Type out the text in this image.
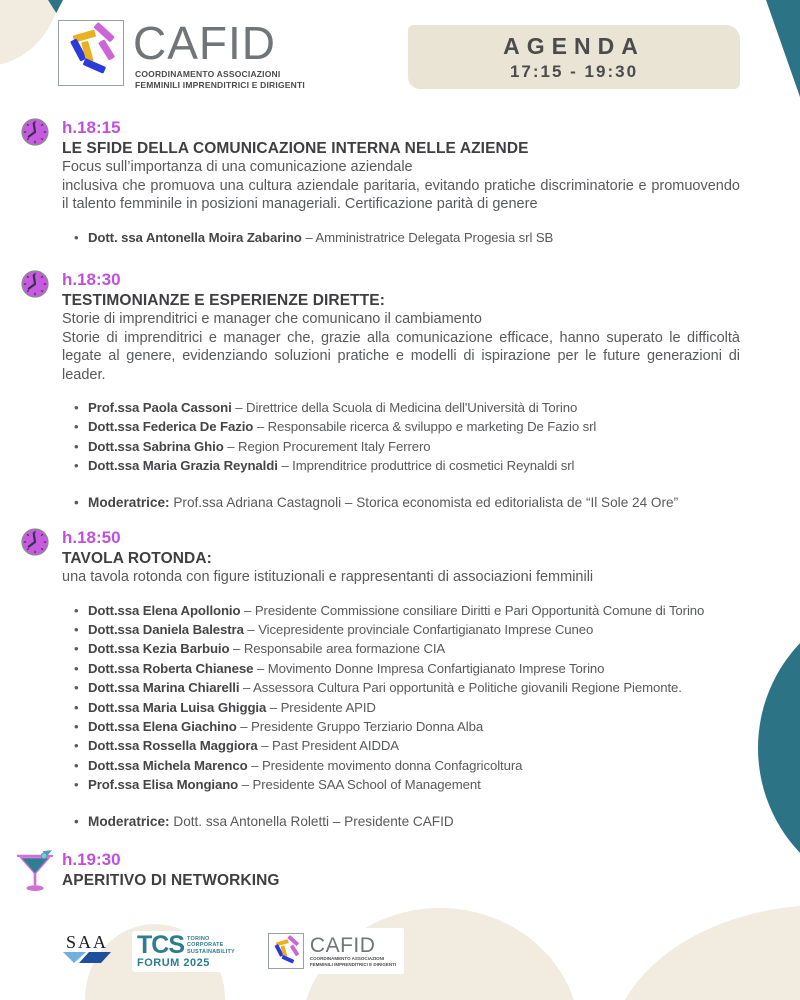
CAFID
COORDINAMENTO ASSOCIAZIONI
FEMMINILI IMPRENDITRICI E DIRIGENTI
AGENDA
17:15 - 19:30
h.18:15
LE SFIDE DELLA COMUNICAZIONE INTERNA NELLE AZIENDE
Focus sull’importanza di una comunicazione aziendale
inclusiva che promuova una cultura aziendale paritaria, evitando pratiche discriminatorie e promuovendo il talento femminile in posizioni manageriali. Certificazione parità di genere
• Dott. ssa Antonella Moira Zabarino – Amministratrice Delegata Progesia srl SB
h.18:30
TESTIMONIANZE E ESPERIENZE DIRETTE:
Storie di imprenditrici e manager che comunicano il cambiamento
Storie di imprenditrici e manager che, grazie alla comunicazione efficace, hanno superato le difficoltà legate al genere, evidenziando soluzioni pratiche e modelli di ispirazione per le future generazioni di leader.
• Prof.ssa Paola Cassoni – Direttrice della Scuola di Medicina dell'Università di Torino
• Dott.ssa Federica De Fazio – Responsabile ricerca & sviluppo e marketing De Fazio srl
• Dott.ssa Sabrina Ghio – Region Procurement Italy Ferrero
• Dott.ssa Maria Grazia Reynaldi – Imprenditrice produttrice di cosmetici Reynaldi srl
• Moderatrice: Prof.ssa Adriana Castagnoli – Storica economista ed editorialista de “Il Sole 24 Ore”
h.18:50
TAVOLA ROTONDA:
una tavola rotonda con figure istituzionali e rappresentanti di associazioni femminili
• Dott.ssa Elena Apollonio – Presidente Commissione consiliare Diritti e Pari Opportunità Comune di Torino
• Dott.ssa Daniela Balestra – Vicepresidente provinciale Confartigianato Imprese Cuneo
• Dott.ssa Kezia Barbuio – Responsabile area formazione CIA
• Dott.ssa Roberta Chianese – Movimento Donne Impresa Confartigianato Imprese Torino
• Dott.ssa Marina Chiarelli – Assessora Cultura Pari opportunità e Politiche giovanili Regione Piemonte.
• Dott.ssa Maria Luisa Ghiggia – Presidente APID
• Dott.ssa Elena Giachino – Presidente Gruppo Terziario Donna Alba
• Dott.ssa Rossella Maggiora – Past President AIDDA
• Dott.ssa Michela Marenco – Presidente movimento donna Confagricoltura
• Prof.ssa Elisa Mongiano – Presidente SAA School of Management
• Moderatrice: Dott. ssa Antonella Roletti – Presidente CAFID
h.19:30
APERITIVO DI NETWORKING
SAA TCS TORINO
CORPORATE
SUSTAINABILITY
FORUM 2025
CAFID
COORDINAMENTO ASSOCIAZIONI
FEMMINILI IMPRENDITRICI E DIRIGENTI
